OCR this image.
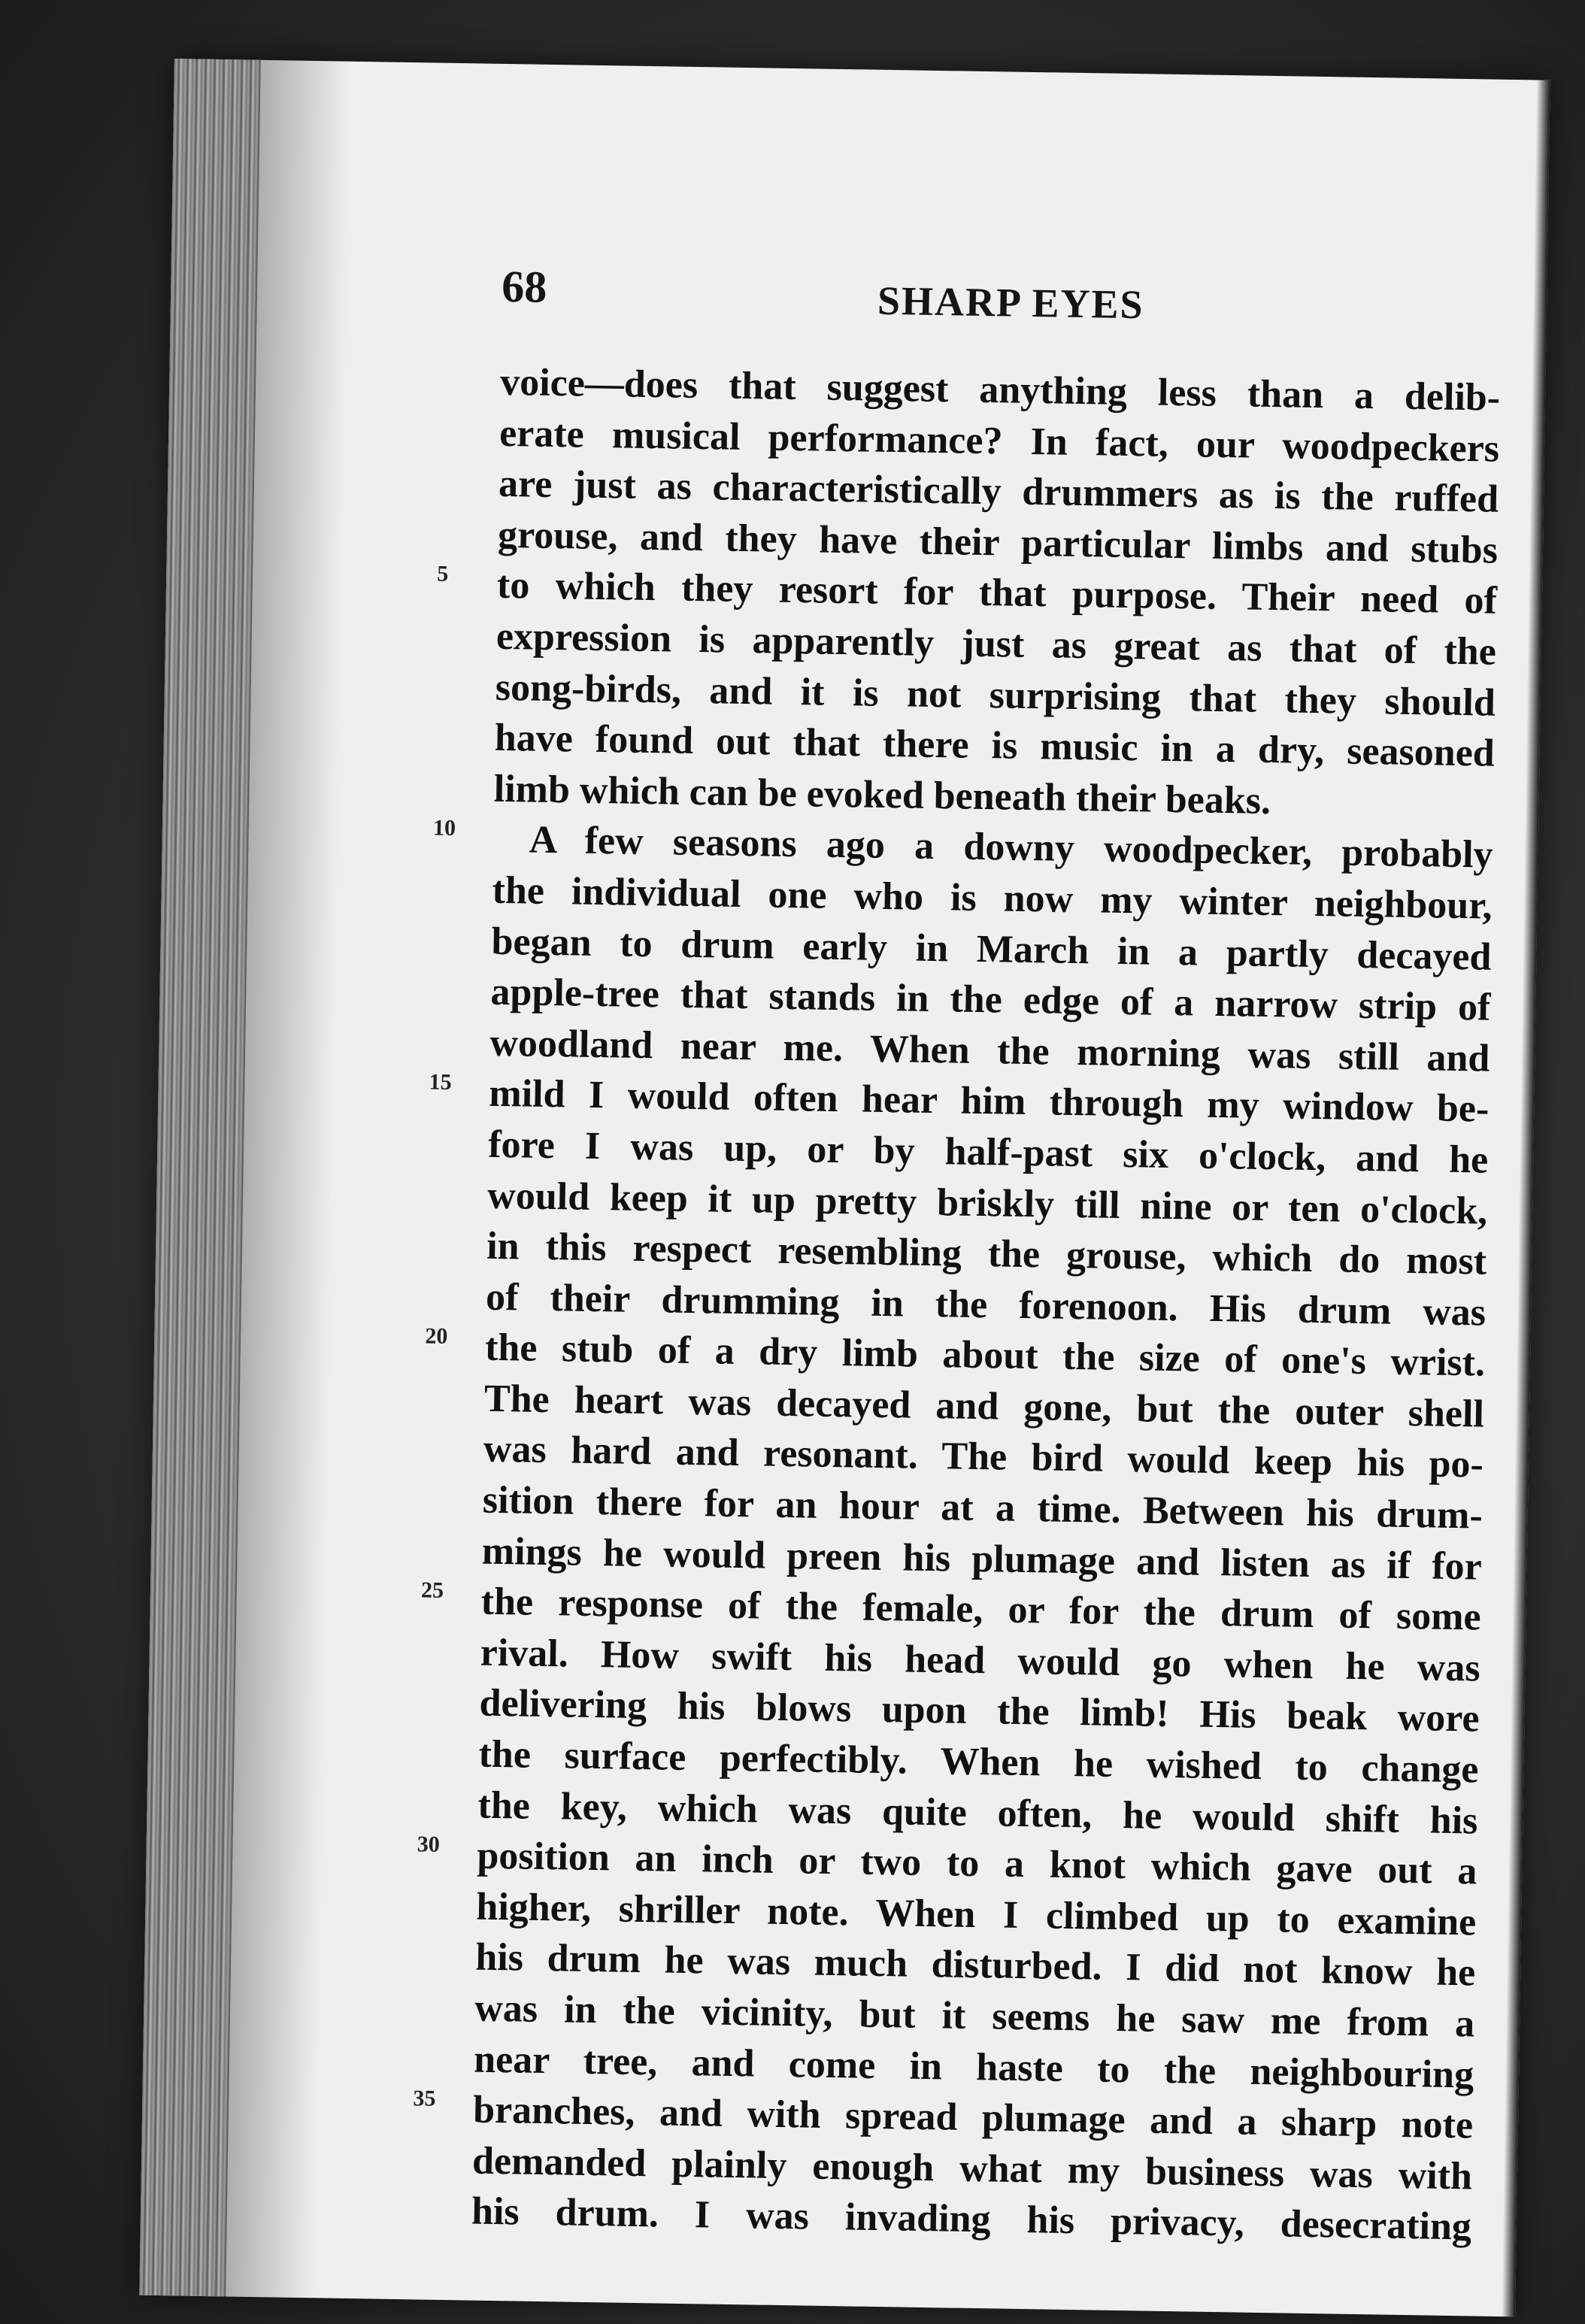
68	SHARP EYES
voice—does that suggest anything less than a delib-
erate musical performance? In fact, our woodpeckers
are just as characteristically drummers as is the ruffed
grouse, and they have their particular limbs and stubs
5	to which they resort for that purpose. Their need of
expression is apparently just as great as that of the
song-birds, and it is not surprising that they should
have found out that there is music in a dry, seasoned
limb which can be evoked beneath their beaks.
10	A few seasons ago a downy woodpecker, probably
the individual one who is now my winter neighbour,
began to drum early in March in a partly decayed
apple-tree that stands in the edge of a narrow strip of
woodland near me. When the morning was still and
15 mild I would often hear him through my window be-
fore I was up, or by half-past six o'clock, and he
would keep it up pretty briskly till nine or ten o'clock,
in this respect resembling the grouse, which do most
of their drumming in the forenoon. His drum was
20 the stub of a dry limb about the size of one's wrist.
The heart was decayed and gone, but the outer shell
was hard and resonant. The bird would keep his po-
sition there for an hour at a time. Between his drum-
mings he would preen his plumage and listen as if for
25 the response of the female, or for the drum of some
rival. How swift his head would go when he was
delivering his blows upon the limb! His beak wore
the surface perfectibly. When he wished to change
the key, which was quite often, he would shift his
30 position an inch or two to a knot which gave out a
higher, shriller note. When I climbed up to examine
his drum he was much disturbed. I did not know he
was in the vicinity, but it seems he saw me from a
near tree, and come in haste to the neighbouring
35 branches, and with spread plumage and a sharp note
demanded plainly enough what my business was with
his drum. I was invading his privacy, desecrating
